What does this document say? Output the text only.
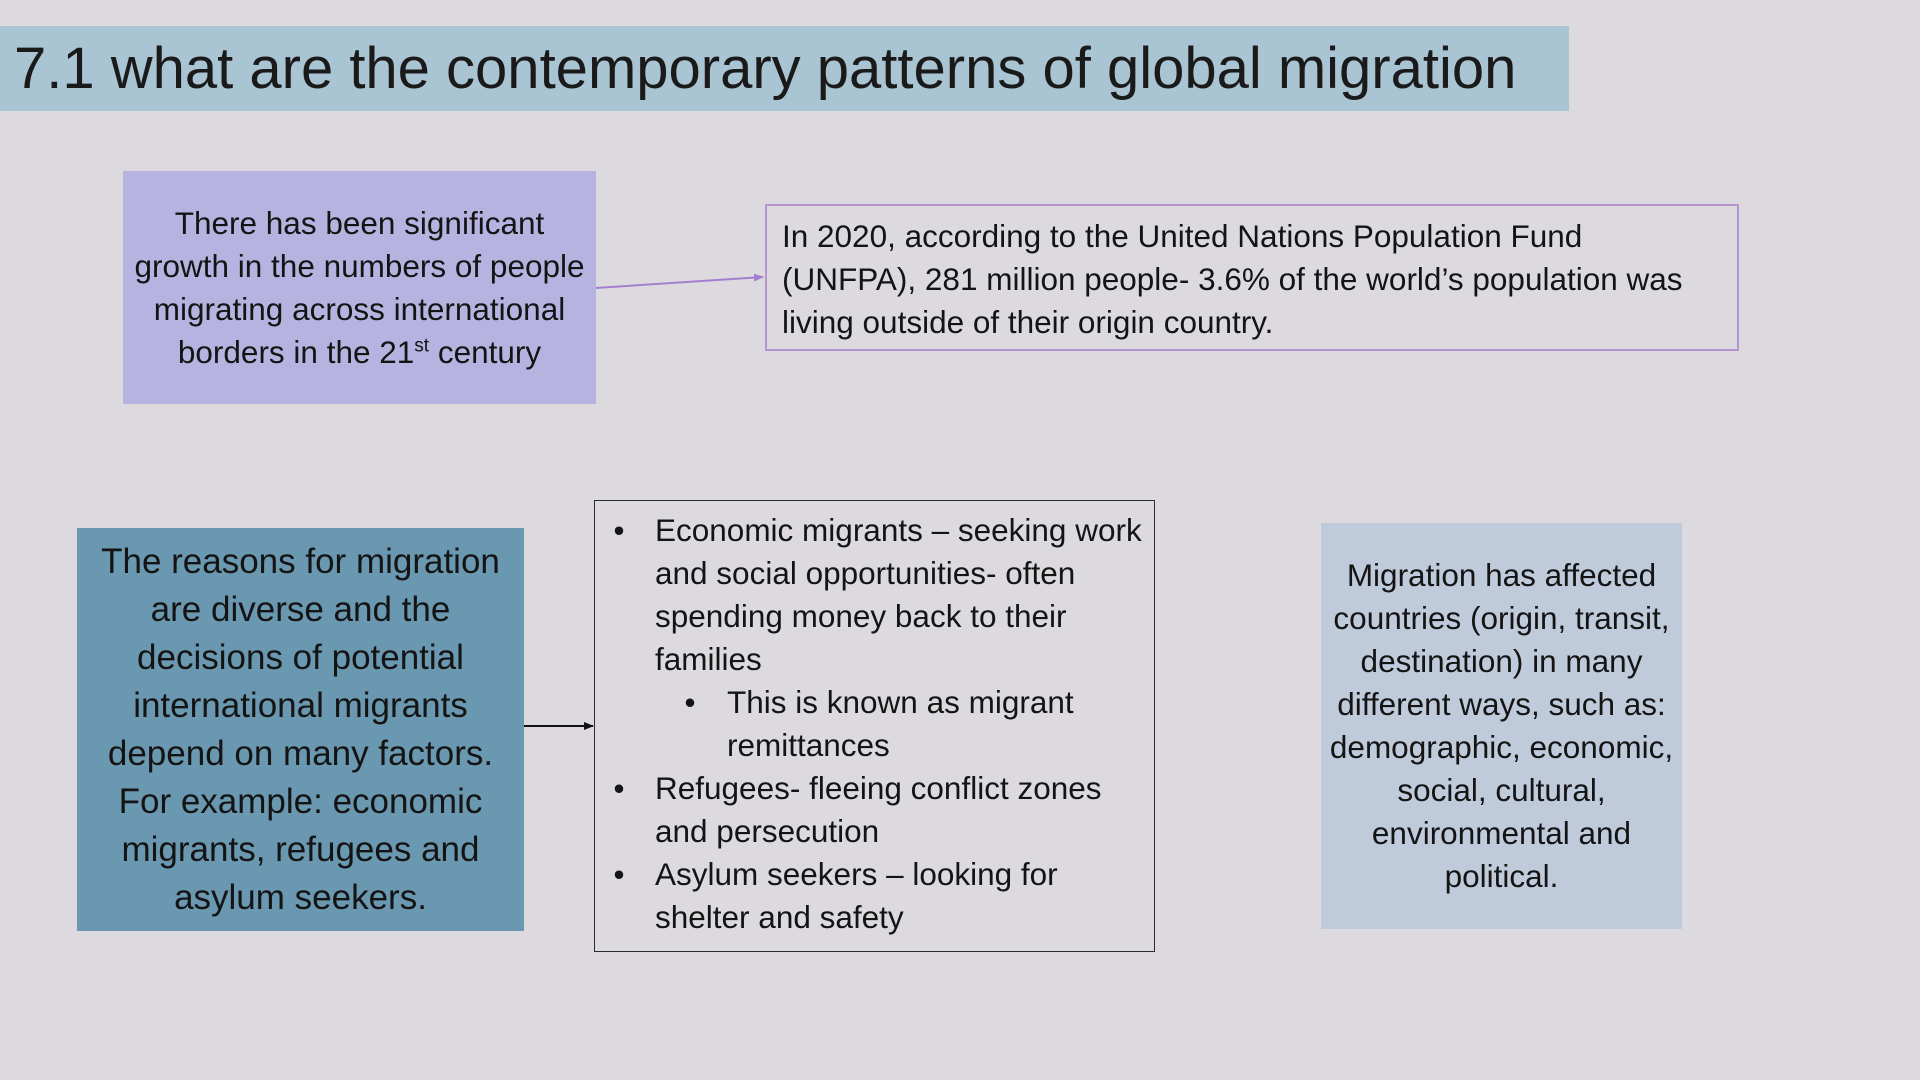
7.1 what are the contemporary patterns of global migration
There has been significant growth in the numbers of people migrating across international borders in the 21st century
In 2020, according to the United Nations Population Fund (UNFPA), 281 million people- 3.6% of the world’s population was living outside of their origin country.
The reasons for migration are diverse and the decisions of potential international migrants depend on many factors. For example: economic migrants, refugees and asylum seekers.
• Economic migrants – seeking work and social opportunities- often spending money back to their families
• This is known as migrant remittances
• Refugees- fleeing conflict zones and persecution
• Asylum seekers – looking for shelter and safety
Migration has affected countries (origin, transit, destination) in many different ways, such as: demographic, economic, social, cultural, environmental and political.
